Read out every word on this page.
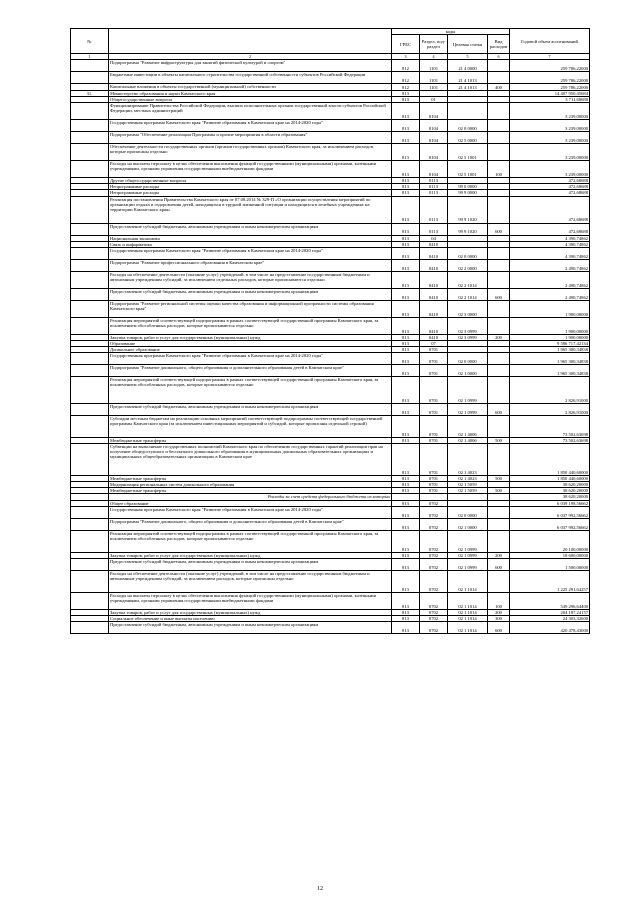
№		коды				Годовой объем ассигнований
		ГРБС	Раздел, под-раздел	Целевая статья	Вид расходов	
1	2	3	4	5	6	7
	Подпрограмма "Развитие инфраструктуры для занятий физической культурой и спортом"	812	1101	21 4 0000		259 786,22000
	Бюджетные инвестиции в объекты капитального строительства государственной собственности субъектов Российской Федерации	812	1101	21 4 1013		259 786,22000
	Капитальные вложения в объекты государственной (муниципальной) собственности	812	1101	21 4 1013	400	259 786,22000
31.	Министерство образования и науки Камчатского края	813				14 407 950,45684
	Общегосударственные вопросы	813	01			3 711,68688
	Функционирование Правительства Российской Федерации, высших исполнительных органов государственной власти субъектов Российской Федерации, местных администраций	813	0104			3 239,00000
	Государственная программа Камчатского края "Развитие образования в Камчатском крае на 2014-2020 годы"	813	0104	02 0 0000		3 239,00000
	Подпрограмма "Обеспечение реализации Программы и прочие мероприятия в области образования"	813	0104	02 5 0000		3 239,00000
	Обеспечение деятельности государственных органов (органов государственных органов) Камчатского края, за исключением расходов, которые прописаны отдельно	813	0104	02 5 1001		3 239,00000
	Расходы на выплаты персоналу в целях обеспечения выполнения функций государственными (муниципальными) органами, казенными учреждениями, органами управления государственными внебюджетными фондами	813	0104	02 5 1001	100	3 239,00000
	Другие общегосударственные вопросы	813	0113			472,68688
	Непрограммные расходы	813	0113	99 0 0000		472,68688
	Непрограммные расходы	813	0113	99 9 0000		472,68688
	Реализация постановления Правительства Камчатского края от 07.08.2014 № 329-П «О организации осуществления мероприятий по организации отдыха и оздоровления детей, находящихся в трудной жизненной ситуации и находящихся в лечебных учреждениях на территории Камчатского края»	813	0113	99 9 1020		472,68688
	Предоставление субсидий бюджетным, автономным учреждениям и иным некоммерческим организациям	813	0113	99 9 1020	600	472,68688
	Национальная экономика	813	04			4 390,74862
	Связь и информатика	813	0410			4 390,74862
	Государственная программа Камчатского края "Развитие образования в Камчатском крае на 2014-2020 годы"	813	0410	02 0 0000		4 390,74862
	Подпрограмма "Развитие профессионального образования в Камчатском крае"	813	0410	02 2 0000		2 490,74862
	Расходы на обеспечение деятельности (оказание услуг) учреждений, в том числе на предоставление государственным бюджетным и автономным учреждениям субсидий, за исключением отдельных расходов, которые прописываются отдельно	813	0410	02 2 1014		2 490,74862
	Предоставление субсидий бюджетным, автономным учреждениям и иным некоммерческим организациям	813	0410	02 2 1014	600	2 490,74862
	Подпрограмма "Развитие региональной системы оценки качества образования и информационной прозрачности системы образования Камчатского края"	813	0410	02 3 0000		1 900,00000
	Реализация мероприятий соответствующей подпрограммы в рамках соответствующей государственной программы Камчатского края, за исключением обособленных расходов, которые прописываются отдельно	813	0410	02 3 0999		1 900,00000
	Закупка товаров, работ и услуг для государственных (муниципальных) нужд	813	0410	02 3 0999	200	1 900,00000
	Образование	813	07			9 586 717,42134
	Дошкольное образование	813	0701			1 965 300,34838
	Государственная программа Камчатского края "Развитие образования в Камчатском крае на 2014-2020 годы"	813	0701	02 0 0000		1 965 300,34838
	Подпрограмма "Развитие дошкольного, общего образования и дополнительного образования детей в Камчатском крае"	813	0701	02 1 0000		1 965 300,34838
	Реализация мероприятий соответствующей подпрограммы в рамках соответствующей государственной программы Камчатского края, за исключением обособленных расходов, которые прописываются отдельно	813	0701	02 1 0999		2 826,91000
	Предоставление субсидий бюджетным, автономным учреждениям и иным некоммерческим организациям	813	0701	02 1 0999	600	2 826,91000
	Субсидии местным бюджетам на реализацию основных мероприятий соответствующей подпрограммы соответствующей государственной программы Камчатского края (за исключением инвестиционных мероприятий и субсидий, которые прописаны отдельной строкой)	813	0701	02 1 4006		73 502,63698
	Межбюджетные трансферты	813	0701	02 1 4006	500	73 502,63698
	Субвенции на выполнение государственных полномочий Камчатского края по обеспечению государственных гарантий реализации прав на получение общедоступного и бесплатного дошкольного образования в муниципальных дошкольных образовательных организациях и муниципальных общеобразовательных организациях в Камчатском крае	813	0701	02 1 4023		1 850 440,60000
	Межбюджетные трансферты	813	0701	02 1 4023	500	1 850 440,60000
	Модернизация региональных систем дошкольного образования	813	0701	02 1 5059		38 620,20000
	Межбюджетные трансферты	813	0701	02 1 5059	500	38 620,20000
	Расходы за счет средств федерального бюджета из которых					38 620,20000
	Общее образование	813	0702			6 039 198,56662
	Государственная программа Камчатского края "Развитие образования в Камчатском крае на 2014-2020 годы"	813	0702	02 0 0000		6 037 992,56662
	Подпрограмма "Развитие дошкольного, общего образования и дополнительного образования детей в Камчатском крае"	813	0702	02 1 0000		6 037 992,56662
	Реализация мероприятий соответствующей подпрограммы в рамках соответствующей государственной программы Камчатского края, за исключением обособленных расходов, которые прописываются отдельно	813	0702	02 1 0999		20 100,00000
	Закупка товаров, работ и услуг для государственных (муниципальных) нужд	813	0702	02 1 0999	200	18 600,00000
	Предоставление субсидий бюджетным, автономным учреждениям и иным некоммерческим организациям	813	0702	02 1 0999	600	1 500,00000
	Расходы на обеспечение деятельности (оказание услуг) учреждений, в том числе на предоставление государственным бюджетным и автономным учреждениям субсидий, за исключением расходов, которые прописаны отдельно	813	0702	02 1 1014		1 225 291,64257
	Расходы на выплаты персоналу в целях обеспечения выполнения функций государственными (муниципальными) органами, казенными учреждениями, органами управления государственными внебюджетными фондами	813	0702	02 1 1014	100	549 296,64400
	Закупка товаров, работ и услуг для государственных (муниципальных) нужд	813	0702	02 1 1014	200	204 187,24157
	Социальное обеспечение и иные выплаты населению	813	0702	02 1 1014	300	24 303,32600
	Предоставление субсидий бюджетным, автономным учреждениям и иным некоммерческим организациям	813	0702	02 1 1014	600	420 478,43000
12
